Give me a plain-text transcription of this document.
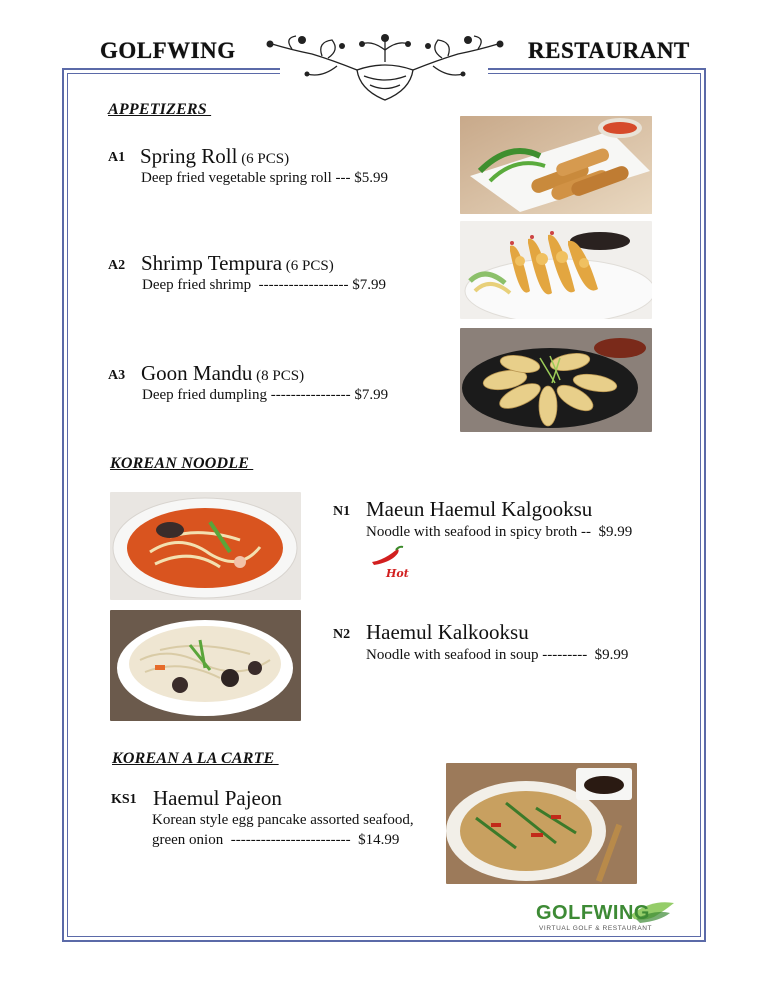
GOLFWING	RESTAURANT
APPETIZERS
A1 Spring Roll (6 PCS)
Deep fried vegetable spring roll --- $5.99
A2 Shrimp Tempura (6 PCS)
Deep fried shrimp  ------------------ $7.99
A3 Goon Mandu (8 PCS)
Deep fried dumpling ---------------- $7.99
KOREAN NOODLE
N1 Maeun Haemul Kalgooksu
Noodle with seafood in spicy broth --  $9.99
Hot
N2 Haemul Kalkooksu
Noodle with seafood in soup ---------  $9.99
KOREAN A LA CARTE
KS1 Haemul Pajeon
Korean style egg pancake assorted seafood,
green onion  ------------------------  $14.99
GOLFWING
VIRTUAL GOLF & RESTAURANT
